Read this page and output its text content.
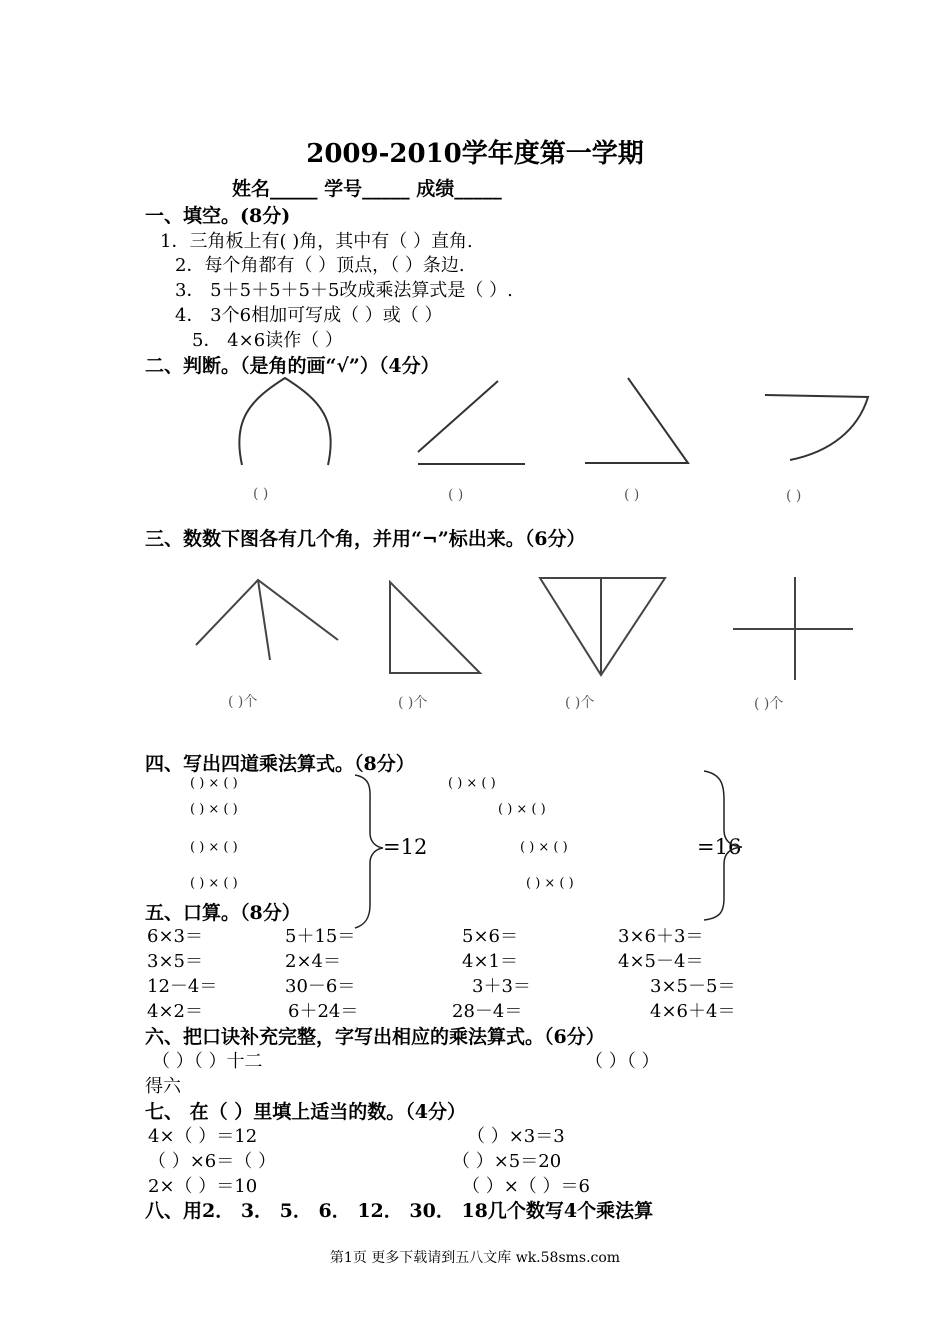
2009-2010学年度第一学期
姓名_____ 学号_____ 成绩_____
一、填空。(8分)
1．三角板上有( )角，其中有（ ）直角.
2．每个角都有（ ）顶点，（ ）条边.
3． 5＋5＋5＋5＋5改成乘法算式是（ ）.
4． 3个6相加可写成（ ）或（ ）
5． 4×6读作（ ）
二、判断。（是角的画“√”）（4分）
( )	( )	( )	( )
三、数数下图各有几个角，并用“¬”标出来。（6分）
( )个	( )个	( )个	( )个
四、写出四道乘法算式。（8分）
( ) × ( )
( ) × ( )
( ) × ( )
( ) × ( )
=12
( ) × ( )
( ) × ( )
( ) × ( )
( ) × ( )
=16
五、口算。（8分）
6×3＝	5＋15＝	5×6＝	3×6＋3＝
3×5＝	2×4＝	4×1＝	4×5－4＝
12－4＝	30－6＝	3＋3＝	3×5－5＝
4×2＝	6＋24＝	28－4＝	4×6＋4＝
六、把口诀补充完整，字写出相应的乘法算式。（6分）
（ ）（ ）十二	（ ）（ ）
得六
七、 在（ ）里填上适当的数。（4分）
4×（ ）＝12	（ ）×3＝3
（ ）×6＝（ ）	（ ）×5＝20
2×（ ）＝10	（ ）×（ ）＝6
八、用2． 3． 5． 6． 12． 30． 18几个数写4个乘法算
第1页 更多下载请到五八文库 wk.58sms.com
